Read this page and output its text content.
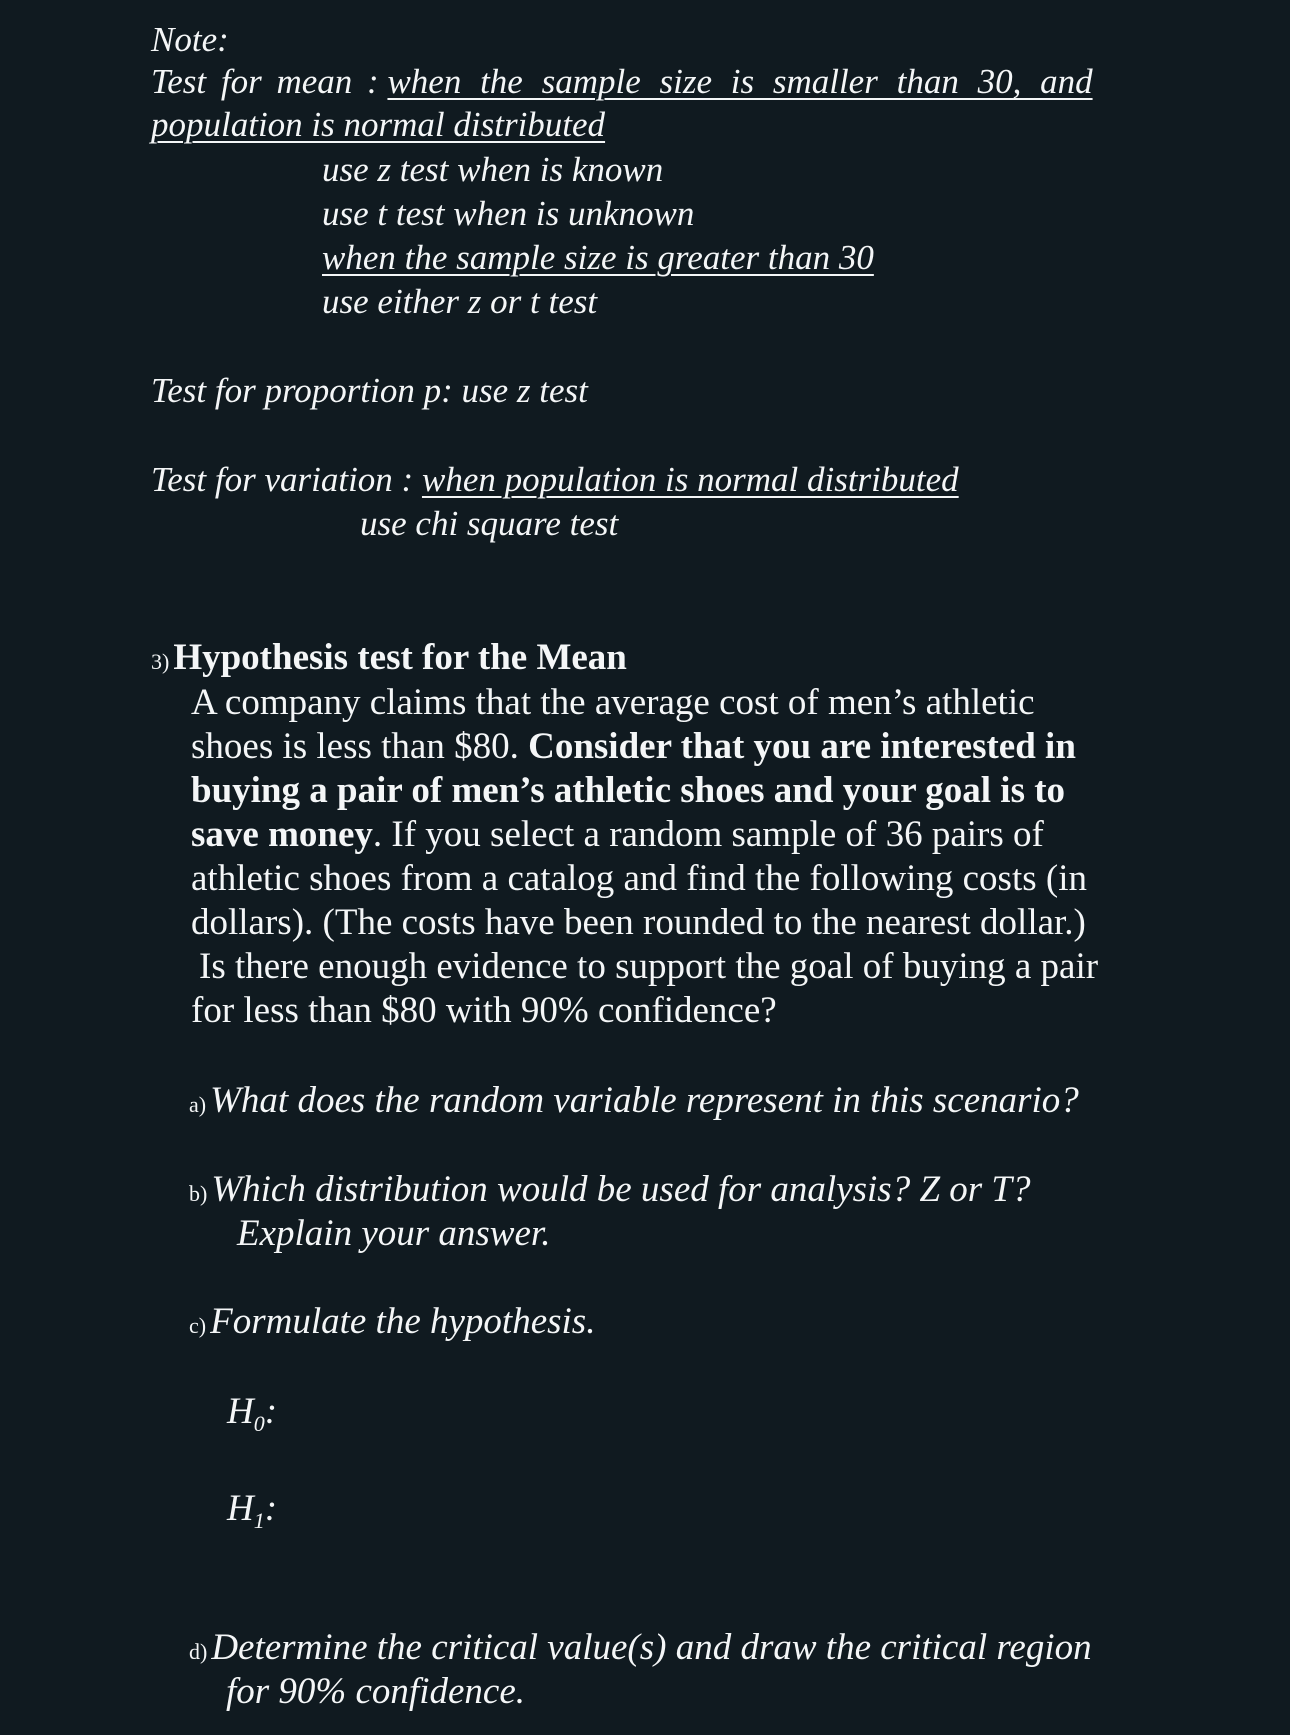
Note:
Test for mean : when the sample size is smaller than 30, and
population is normal distributed
use z test when is known
use t test when is unknown
when the sample size is greater than 30
use either z or t test
Test for proportion p: use z test
Test for variation : when population is normal distributed
use chi square test
3) Hypothesis test for the Mean
A company claims that the average cost of men’s athletic
shoes is less than $80. Consider that you are interested in
buying a pair of men’s athletic shoes and your goal is to
save money. If you select a random sample of 36 pairs of
athletic shoes from a catalog and find the following costs (in
dollars). (The costs have been rounded to the nearest dollar.)
Is there enough evidence to support the goal of buying a pair
for less than $80 with 90% confidence?
a) What does the random variable represent in this scenario?
b) Which distribution would be used for analysis? Z or T?
Explain your answer.
c) Formulate the hypothesis.
$H_0$:
$H_1$:
d) Determine the critical value(s) and draw the critical region
for 90% confidence.
